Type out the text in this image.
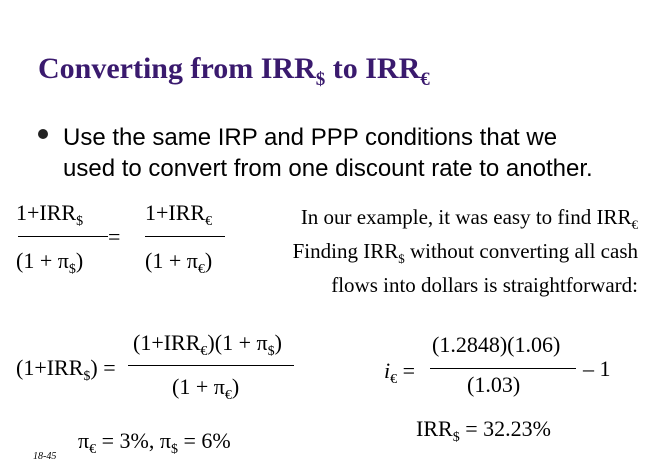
Converting from $IRR_{\$}$ to $IRR_€$
Use the same IRP and PPP conditions that we
used to convert from one discount rate to another.
$1+IRR_{\$}$
$(1 + \pi_{\$})$
=
$1+IRR_€$
$(1 + \pi_€)$
In our example, it was easy to find $IRR_€$
Finding $IRR_{\$}$ without converting all cash
flows into dollars is straightforward:
$(1+IRR_{\$})$ =
$(1+IRR_€)(1 + \pi_{\$})$
$(1 + \pi_€)$
$\pi_€ = 3\%$, $\pi_{\$} = 6\%$
$i_€$ =
(1.2848)(1.06)
(1.03)
– 1
$IRR_{\$} = 32.23\%$
18-45
